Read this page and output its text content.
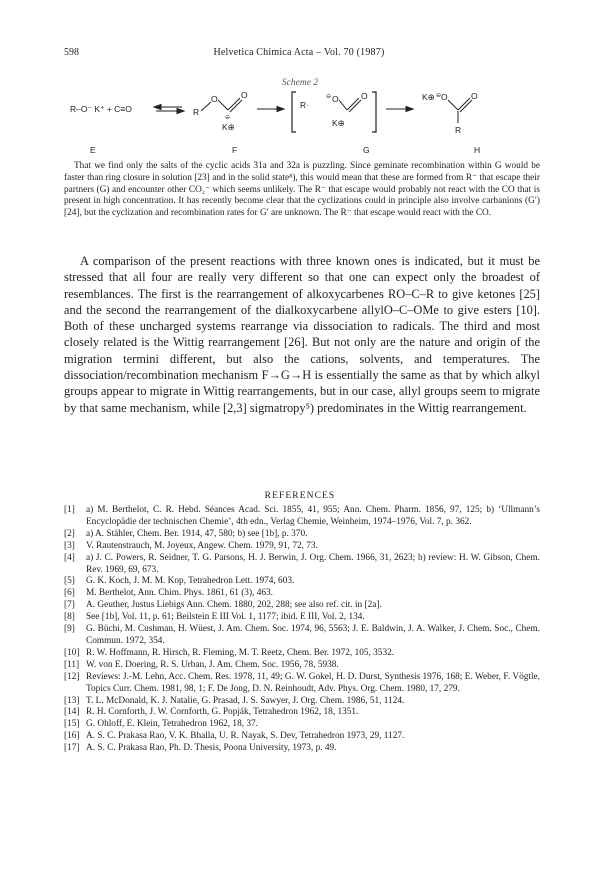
598	Helvetica Chimica Acta – Vol. 70 (1987)
Scheme 2
R–O⁻ K⁺ + C≡O	R
O	O
⊖
K⊕
R·
⊖ O	O
K⊕
K⊕ ⊖ O	O
R
E	F	G	H
That we find only the salts of the cyclic acids 31a and 32a is puzzling. Since geminate recombination within G would be faster than ring closure in solution [23] and in the solid state⁸), this would mean that these are formed from R⁻ that escape their partners (G) and encounter other CO₂⁻ which seems unlikely. The R⁻ that escape would probably not react with the CO that is present in high concentration. It has recently become clear that the cyclizations could in principle also involve carbanions (G′) [24], but the cyclization and recombination rates for G′ are unknown. The R⁻ that escape would react with the CO.
A comparison of the present reactions with three known ones is indicated, but it must be stressed that all four are really very different so that one can expect only the broadest of resemblances. The first is the rearrangement of alkoxycarbenes RO–C–R to give ketones [25] and the second the rearrangement of the dialkoxycarbene allylO–C–OMe to give esters [10]. Both of these uncharged systems rearrange via dissociation to radicals. The third and most closely related is the Wittig rearrangement [26]. But not only are the nature and origin of the migration termini different, but also the cations, solvents, and temperatures. The dissociation/recombination mechanism F→G→H is essentially the same as that by which alkyl groups appear to migrate in Wittig rearrangements, but in our case, allyl groups seem to migrate by that same mechanism, while [2,3] sigmatropy⁵) predominates in the Wittig rearrangement.
REFERENCES
[1]	a) M. Berthelot, C. R. Hebd. Séances Acad. Sci. 1855, 41, 955; Ann. Chem. Pharm. 1856, 97, 125; b) ‘Ullmann’s Encyclopädie der technischen Chemie’, 4th edn., Verlag Chemie, Weinheim, 1974–1976, Vol. 7, p. 362.
[2]	a) A. Stähler, Chem. Ber. 1914, 47, 580; b) see [1b], p. 370.
[3]	V. Rautenstrauch, M. Joyeux, Angew. Chem. 1979, 91, 72, 73.
[4]	a) J. C. Powers, R. Seidner, T. G. Parsons, H. J. Berwin, J. Org. Chem. 1966, 31, 2623; b) review: H. W. Gibson, Chem. Rev. 1969, 69, 673.
[5]	G. K. Koch, J. M. M. Kop, Tetrahedron Lett. 1974, 603.
[6]	M. Berthelot, Ann. Chim. Phys. 1861, 61 (3), 463.
[7]	A. Geuther, Justus Liebigs Ann. Chem. 1880, 202, 288; see also ref. cit. in [2a].
[8]	See [1b], Vol. 11, p. 61; Beilstein E III Vol. 1, 1177; ibid. E III, Vol. 2, 134.
[9]	G. Büchi, M. Cushman, H. Wüest, J. Am. Chem. Soc. 1974, 96, 5563; J. E. Baldwin, J. A. Walker, J. Chem. Soc., Chem. Commun. 1972, 354.
[10] R. W. Hoffmann, R. Hirsch, R. Fleming, M. T. Reetz, Chem. Ber. 1972, 105, 3532.
[11] W. von E. Doering, R. S. Urban, J. Am. Chem. Soc. 1956, 78, 5938.
[12] Reviews: J.-M. Lehn, Acc. Chem. Res. 1978, 11, 49; G. W. Gokel, H. D. Durst, Synthesis 1976, 168; E. Weber, F. Vögtle, Topics Curr. Chem. 1981, 98, 1; F. De Jong, D. N. Reinhoudt, Adv. Phys. Org. Chem. 1980, 17, 279.
[13] T. L. McDonald, K. J. Natalie, G. Prasad, J. S. Sawyer, J. Org. Chem. 1986, 51, 1124.
[14] R. H. Cornforth, J. W. Cornforth, G. Popják, Tetrahedron 1962, 18, 1351.
[15] G. Ohloff, E. Klein, Tetrahedron 1962, 18, 37.
[16] A. S. C. Prakasa Rao, V. K. Bhalla, U. R. Nayak, S. Dev, Tetrahedron 1973, 29, 1127.
[17] A. S. C. Prakasa Rao, Ph. D. Thesis, Poona University, 1973, p. 49.
